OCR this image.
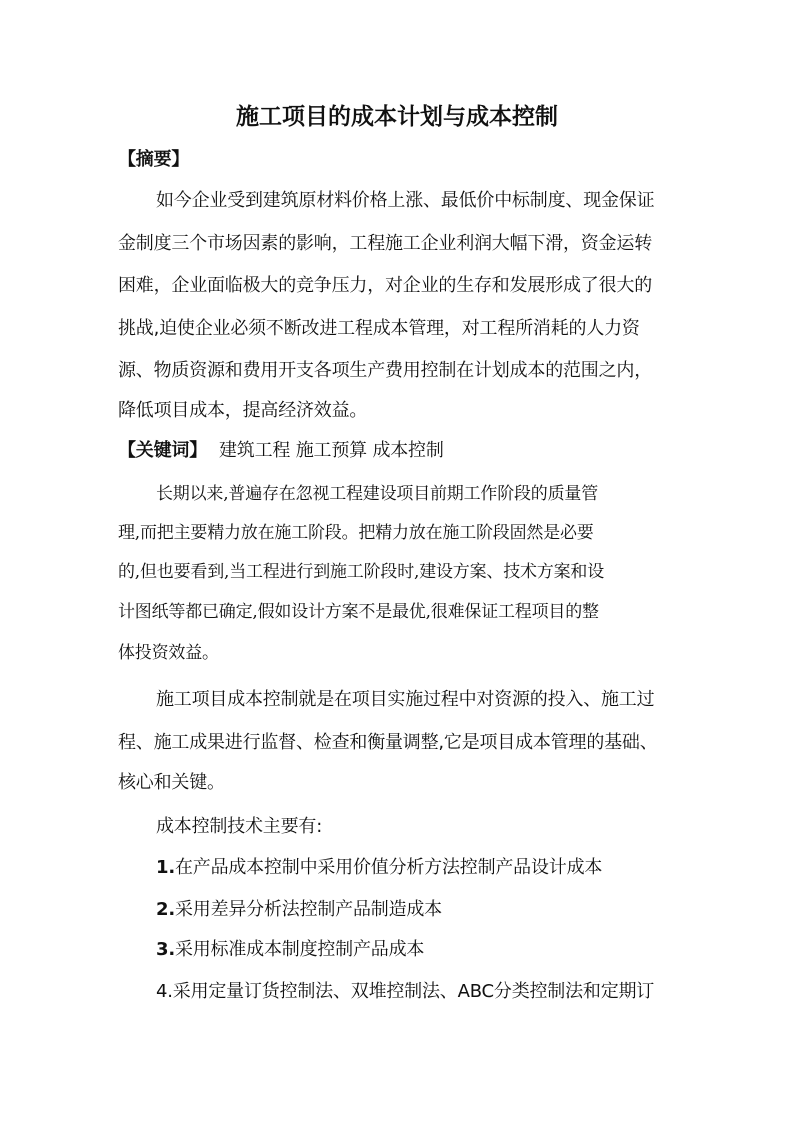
施工项目的成本计划与成本控制
【摘要】
如今企业受到建筑原材料价格上涨、最低价中标制度、现金保证
金制度三个市场因素的影响，工程施工企业利润大幅下滑，资金运转
困难，企业面临极大的竞争压力，对企业的生存和发展形成了很大的
挑战,迫使企业必须不断改进工程成本管理，对工程所消耗的人力资
源、物质资源和费用开支各项生产费用控制在计划成本的范围之内，
降低项目成本，提高经济效益。
【关键词】 建筑工程 施工预算 成本控制
长期以来,普遍存在忽视工程建设项目前期工作阶段的质量管
理,而把主要精力放在施工阶段。把精力放在施工阶段固然是必要
的,但也要看到,当工程进行到施工阶段时,建设方案、技术方案和设
计图纸等都已确定,假如设计方案不是最优,很难保证工程项目的整
体投资效益。
施工项目成本控制就是在项目实施过程中对资源的投入、施工过
程、施工成果进行监督、检查和衡量调整,它是项目成本管理的基础、
核心和关键。
成本控制技术主要有:
1.在产品成本控制中采用价值分析方法控制产品设计成本
2.采用差异分析法控制产品制造成本
3.采用标准成本制度控制产品成本
4.采用定量订货控制法、双堆控制法、ABC分类控制法和定期订
